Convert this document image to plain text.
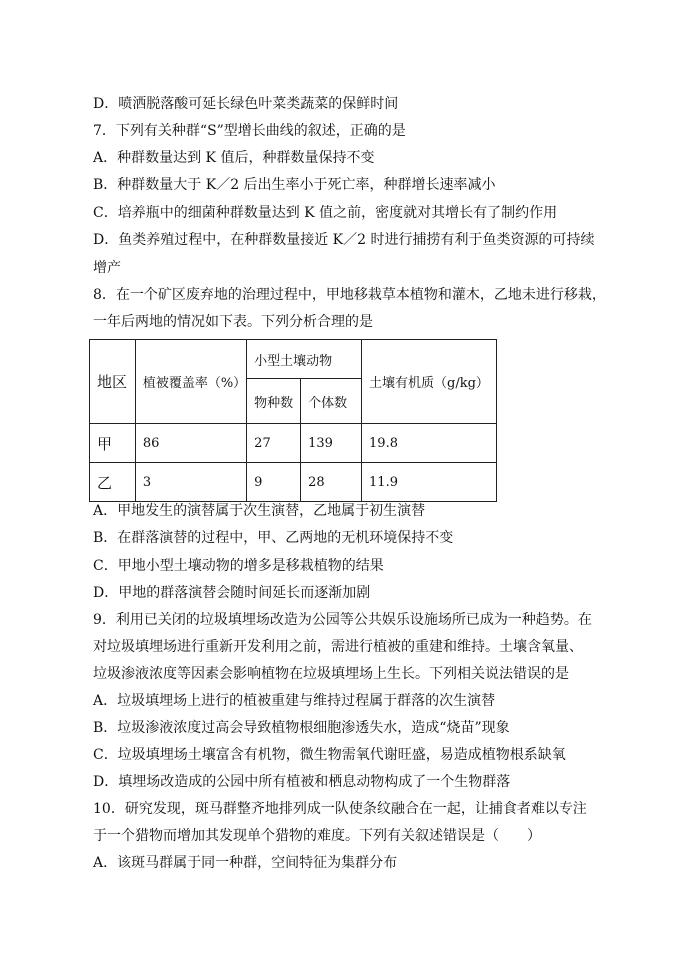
D．喷洒脱落酸可延长绿色叶菜类蔬菜的保鲜时间
7．下列有关种群“S”型增长曲线的叙述，正确的是
A．种群数量达到 K 值后，种群数量保持不变
B．种群数量大于 K／2 后出生率小于死亡率，种群增长速率减小
C．培养瓶中的细菌种群数量达到 K 值之前，密度就对其增长有了制约作用
D．鱼类养殖过程中，在种群数量接近 K／2 时进行捕捞有利于鱼类资源的可持续
增产
8．在一个矿区废弃地的治理过程中，甲地移栽草本植物和灌木，乙地未进行移栽，
一年后两地的情况如下表。下列分析合理的是
地区	植被覆盖率（%）	小型土壤动物		土壤有机质（g/kg）
		物种数	个体数	
甲	86	27	139	19.8
乙	3	9	28	11.9
A．甲地发生的演替属于次生演替，乙地属于初生演替
B．在群落演替的过程中，甲、乙两地的无机环境保持不变
C．甲地小型土壤动物的增多是移栽植物的结果
D．甲地的群落演替会随时间延长而逐渐加剧
9．利用已关闭的垃圾填埋场改造为公园等公共娱乐设施场所已成为一种趋势。在
对垃圾填埋场进行重新开发利用之前，需进行植被的重建和维持。土壤含氧量、
垃圾渗液浓度等因素会影响植物在垃圾填埋场上生长。下列相关说法错误的是
A．垃圾填埋场上进行的植被重建与维持过程属于群落的次生演替
B．垃圾渗液浓度过高会导致植物根细胞渗透失水，造成“烧苗”现象
C．垃圾填埋场土壤富含有机物，微生物需氧代谢旺盛，易造成植物根系缺氧
D．填埋场改造成的公园中所有植被和栖息动物构成了一个生物群落
10．研究发现，斑马群整齐地排列成一队使条纹融合在一起，让捕食者难以专注
于一个猎物而增加其发现单个猎物的难度。下列有关叙述错误是（　　）
A．该斑马群属于同一种群，空间特征为集群分布
